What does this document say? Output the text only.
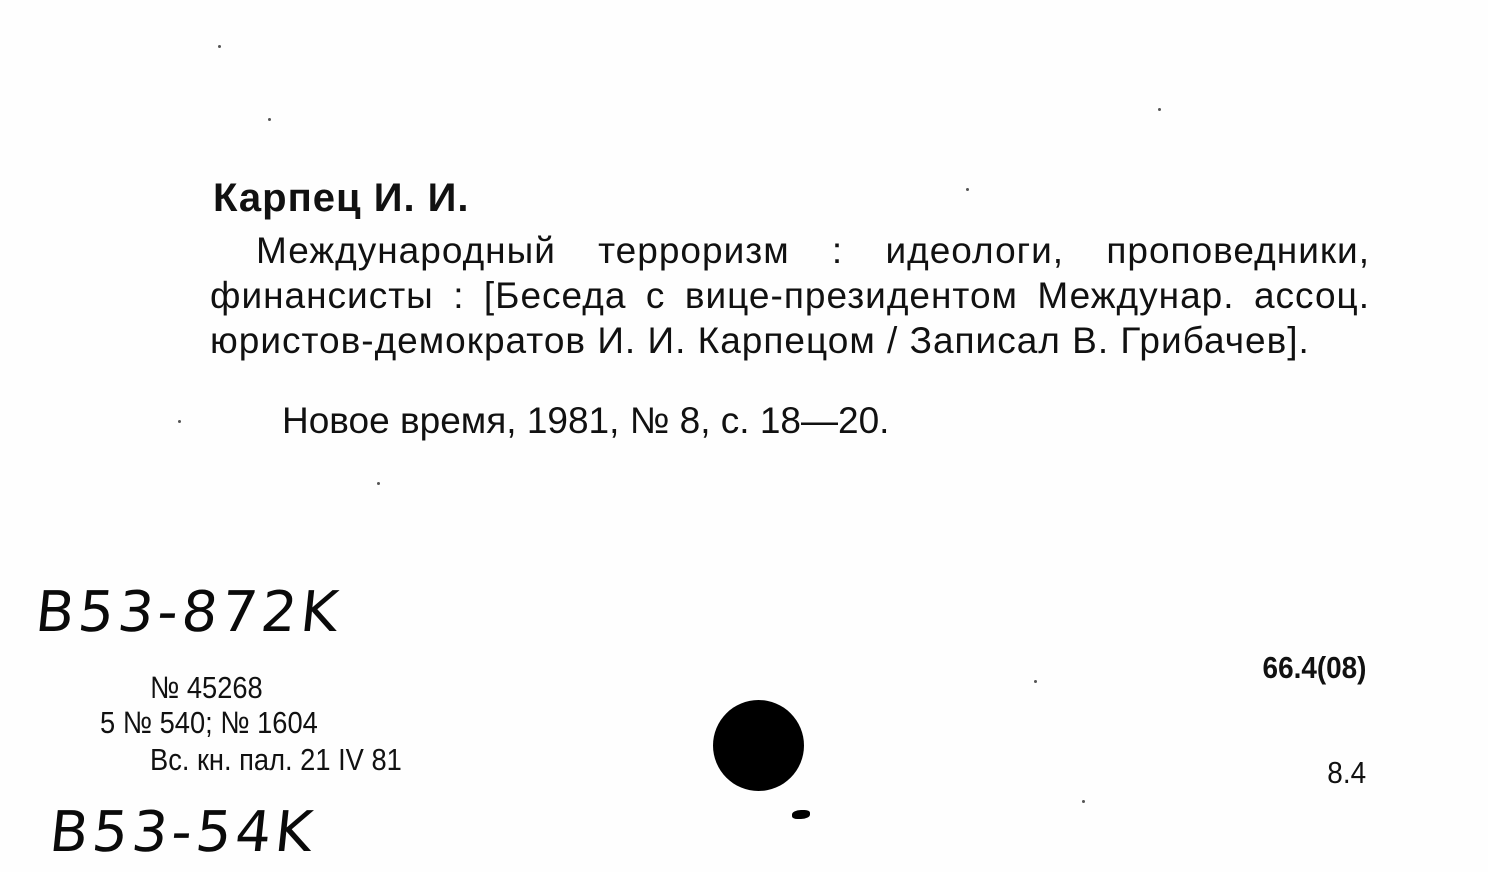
Карпец И. И.
Международный терроризм : идеологи, проповедники, финансисты : [Беседа с вице-президентом Междунар. ассоц. юристов-демократов И. И. Карпецом / Записал В. Грибачев].
Новое время, 1981, № 8, с. 18—20.
B53-872K
№ 45268
5 № 540; № 1604
Вс. кн. пал. 21 IV 81
B53-54K
66.4(08)
8.4
